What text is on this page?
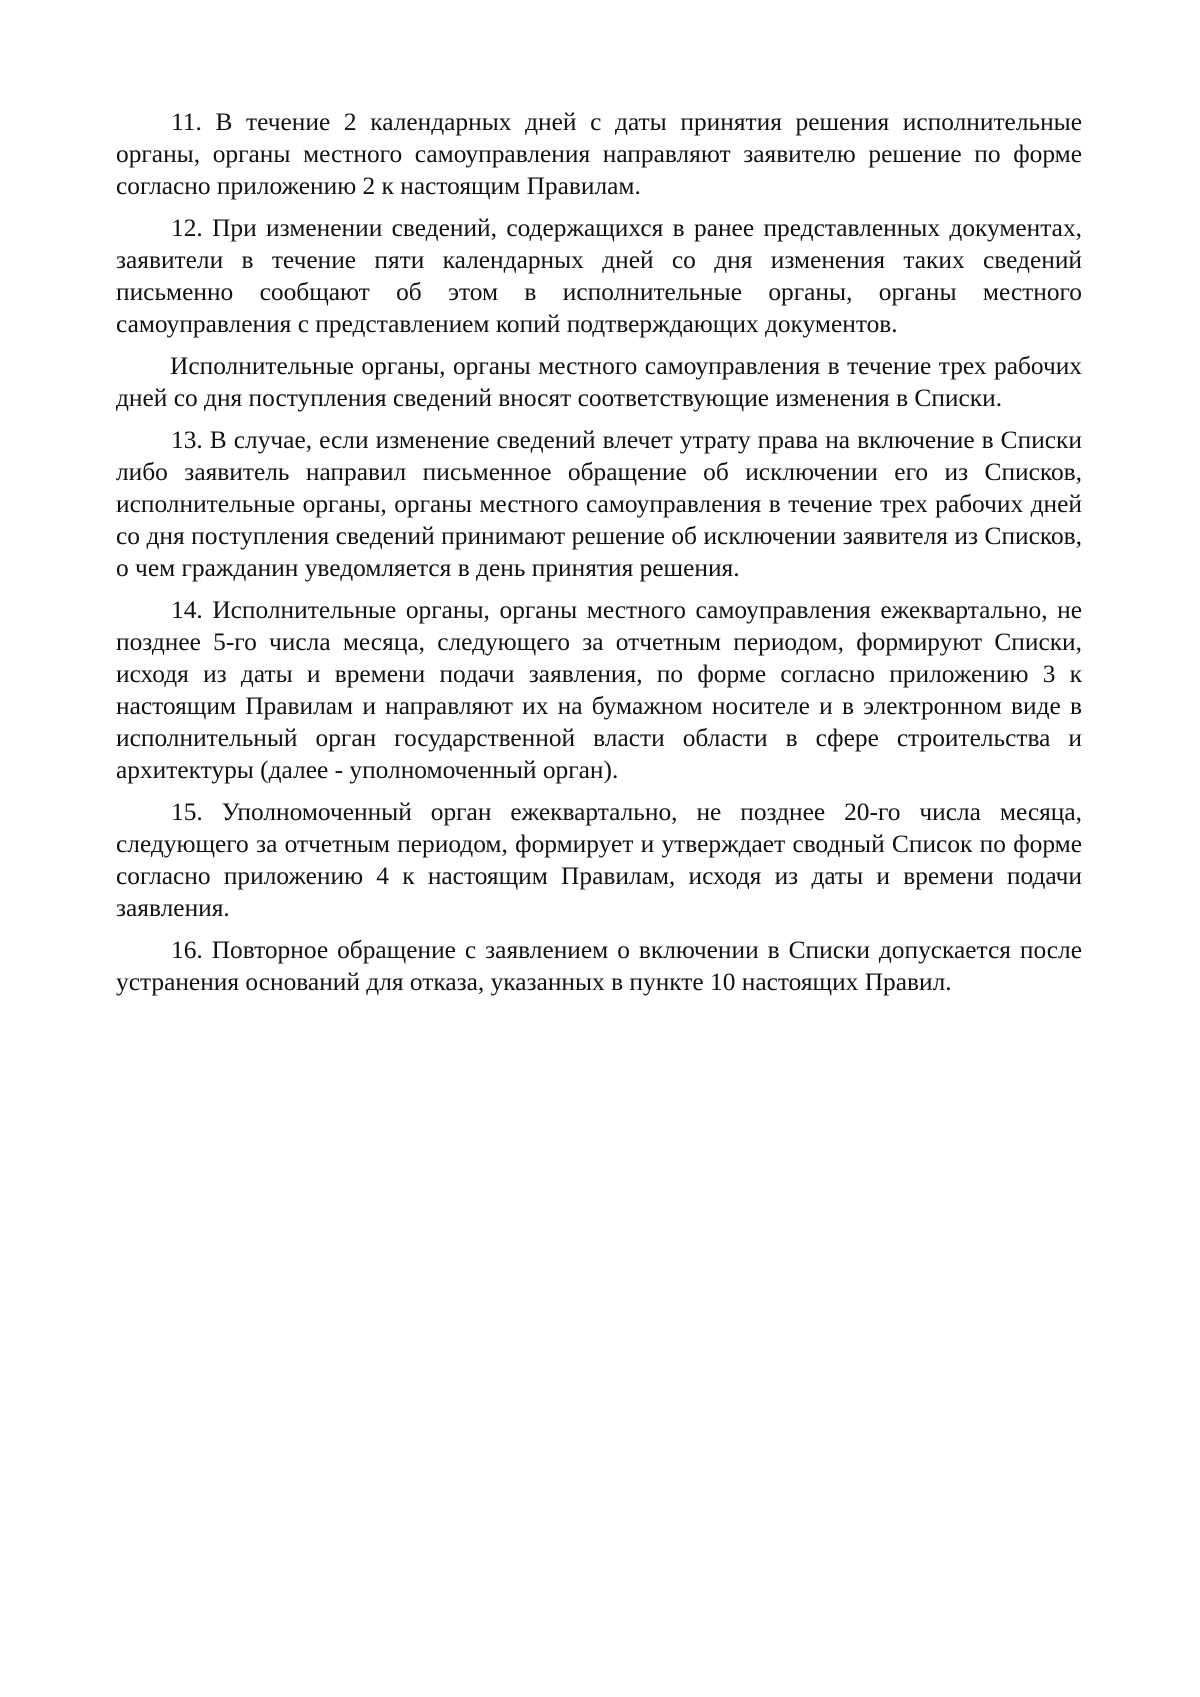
11. В течение 2 календарных дней с даты принятия решения исполнительные органы, органы местного самоуправления направляют заявителю решение по форме согласно приложению 2 к настоящим Правилам.

12. При изменении сведений, содержащихся в ранее представленных документах, заявители в течение пяти календарных дней со дня изменения таких сведений письменно сообщают об этом в исполнительные органы, органы местного самоуправления с представлением копий подтверждающих документов.

Исполнительные органы, органы местного самоуправления в течение трех рабочих дней со дня поступления сведений вносят соответствующие изменения в Списки.

13. В случае, если изменение сведений влечет утрату права на включение в Списки либо заявитель направил письменное обращение об исключении его из Списков, исполнительные органы, органы местного самоуправления в течение трех рабочих дней со дня поступления сведений принимают решение об исключении заявителя из Списков, о чем гражданин уведомляется в день принятия решения.

14. Исполнительные органы, органы местного самоуправления ежеквартально, не позднее 5-го числа месяца, следующего за отчетным периодом, формируют Списки, исходя из даты и времени подачи заявления, по форме согласно приложению 3 к настоящим Правилам и направляют их на бумажном носителе и в электронном виде в исполнительный орган государственной власти области в сфере строительства и архитектуры (далее - уполномоченный орган).

15. Уполномоченный орган ежеквартально, не позднее 20-го числа месяца, следующего за отчетным периодом, формирует и утверждает сводный Список по форме согласно приложению 4 к настоящим Правилам, исходя из даты и времени подачи заявления.

16. Повторное обращение с заявлением о включении в Списки допускается после устранения оснований для отказа, указанных в пункте 10 настоящих Правил.
